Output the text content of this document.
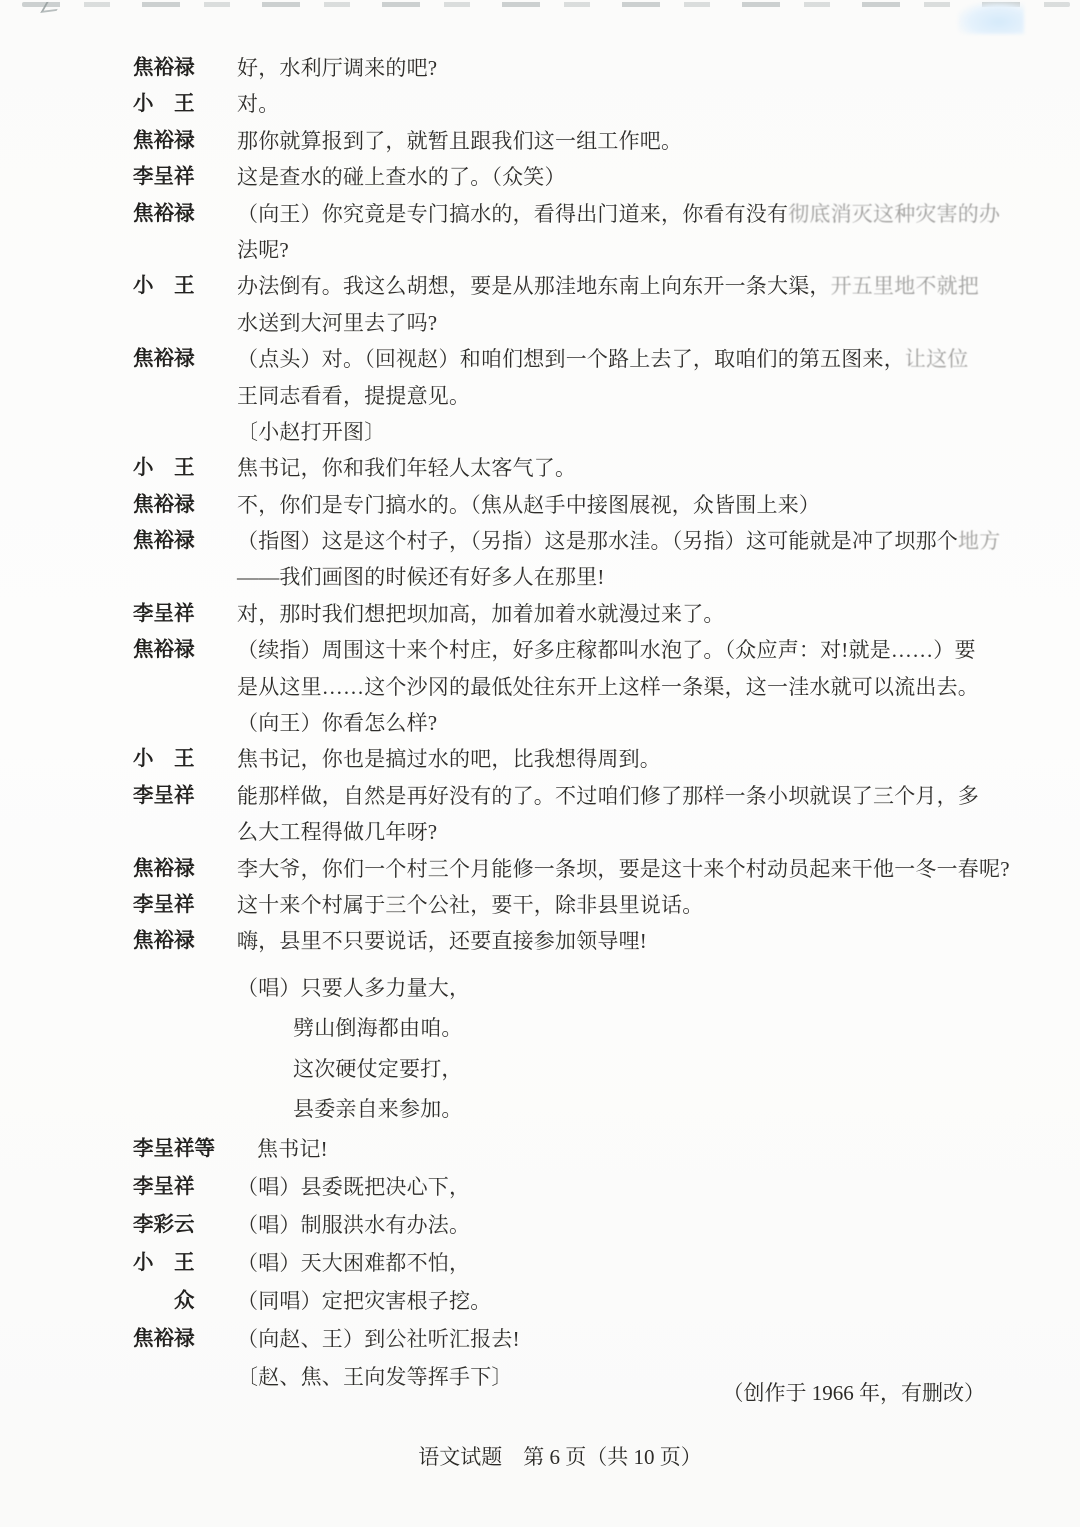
焦裕禄 好，水利厅调来的吧?
小　王 对。
焦裕禄 那你就算报到了，就暂且跟我们这一组工作吧。
李呈祥 这是查水的碰上查水的了。（众笑）
焦裕禄 （向王）你究竟是专门搞水的，看得出门道来，你看有没有彻底消灭这种灾害的办
法呢?
小　王 办法倒有。我这么胡想，要是从那洼地东南上向东开一条大渠，开五里地不就把
水送到大河里去了吗?
焦裕禄 （点头）对。（回视赵）和咱们想到一个路上去了，取咱们的第五图来，让这位
王同志看看，提提意见。
〔小赵打开图〕
小　王 焦书记，你和我们年轻人太客气了。
焦裕禄 不，你们是专门搞水的。（焦从赵手中接图展视，众皆围上来）
焦裕禄 （指图）这是这个村子，（另指）这是那水洼。（另指）这可能就是冲了坝那个地方
——我们画图的时候还有好多人在那里!
李呈祥 对，那时我们想把坝加高，加着加着水就漫过来了。
焦裕禄 （续指）周围这十来个村庄，好多庄稼都叫水泡了。（众应声：对!就是……）要
是从这里……这个沙冈的最低处往东开上这样一条渠，这一洼水就可以流出去。
（向王）你看怎么样?
小　王 焦书记，你也是搞过水的吧，比我想得周到。
李呈祥 能那样做，自然是再好没有的了。不过咱们修了那样一条小坝就误了三个月，多
么大工程得做几年呀?
焦裕禄 李大爷，你们一个村三个月能修一条坝，要是这十来个村动员起来干他一冬一春呢?
李呈祥 这十来个村属于三个公社，要干，除非县里说话。
焦裕禄 嗨，县里不只要说话，还要直接参加领导哩!
（唱）只要人多力量大，
劈山倒海都由咱。
这次硬仗定要打，
县委亲自来参加。
李呈祥等 焦书记!
李呈祥 （唱）县委既把决心下，
李彩云 （唱）制服洪水有办法。
小　王 （唱）天大困难都不怕，
　　众 （同唱）定把灾害根子挖。
焦裕禄 （向赵、王）到公社听汇报去!
〔赵、焦、王向发等挥手下〕
（创作于 1966 年，有删改）
语文试题　第 6 页（共 10 页）
